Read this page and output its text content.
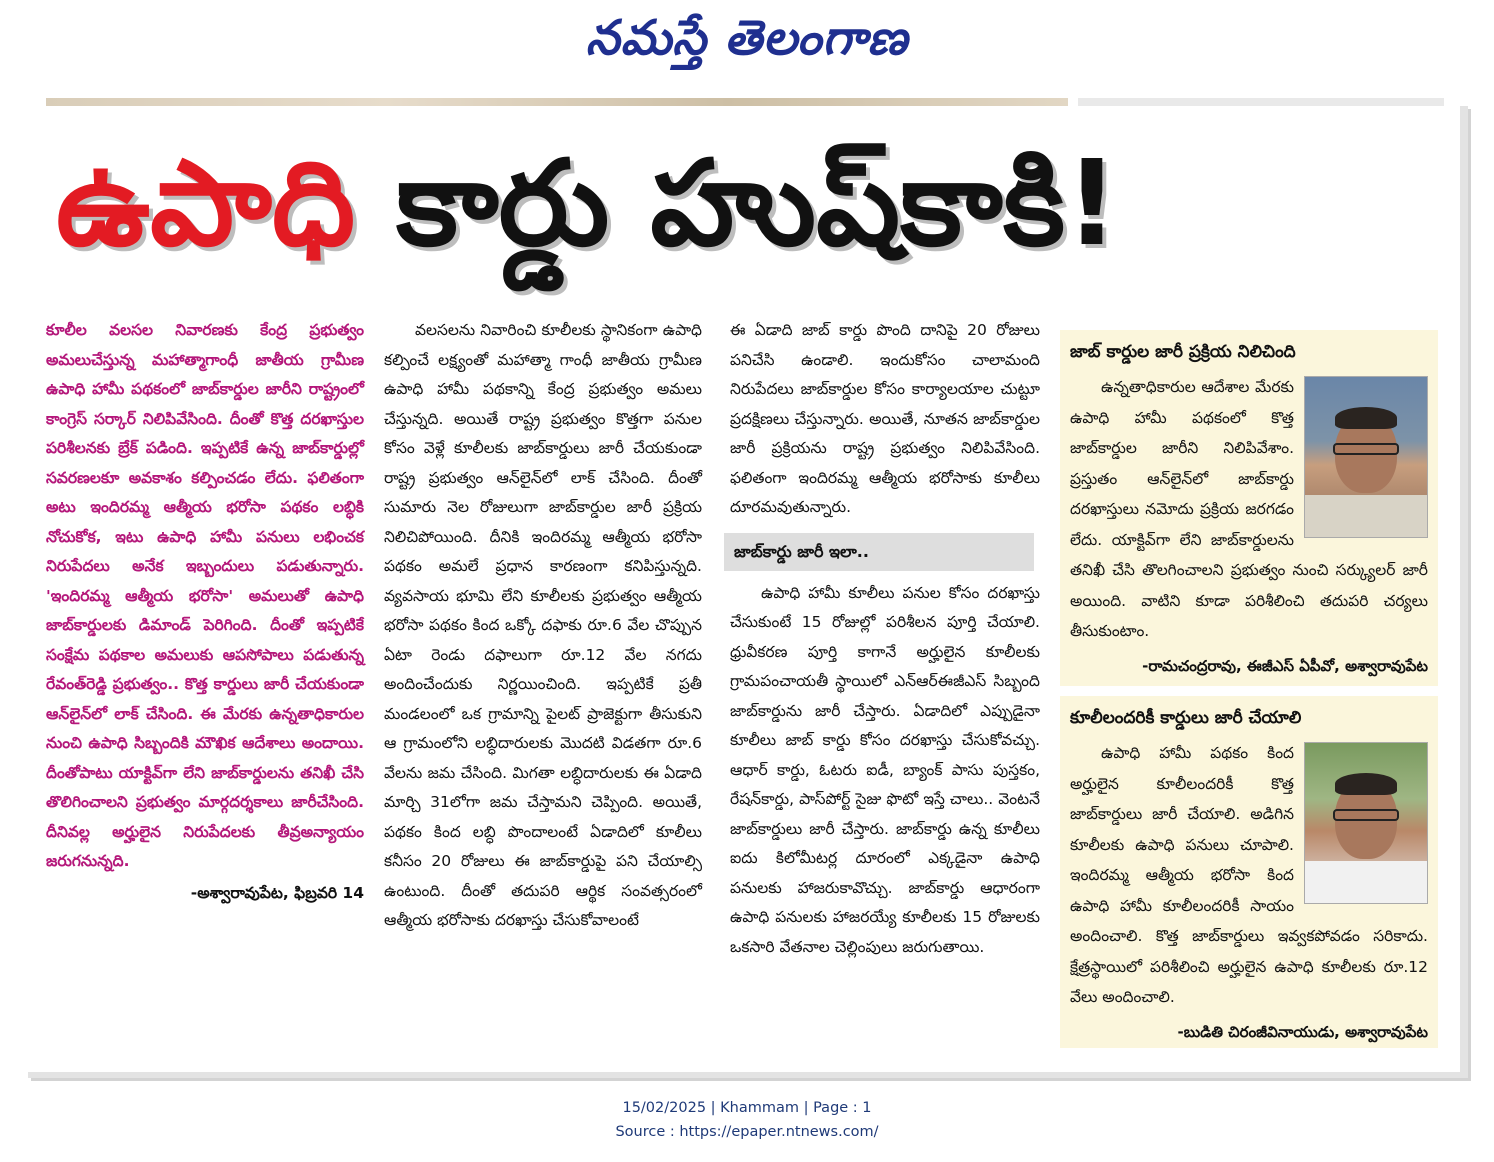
నమస్తే తెలంగాణ
ఉపాధి కార్డు హుష్‌కాకి!

కూలీల వలసల నివారణకు కేంద్ర ప్రభుత్వం అమలుచేస్తున్న మహాత్మాగాంధీ జాతీయ గ్రామీణ ఉపాధి హామీ పథకంలో జాబ్‌కార్డుల జారీని రాష్ట్రంలో కాంగ్రెస్ సర్కార్ నిలిపివేసింది. దీంతో కొత్త దరఖాస్తుల పరిశీలనకు బ్రేక్ పడింది. ఇప్పటికే ఉన్న జాబ్‌కార్డుల్లో సవరణలకూ అవకాశం కల్పించడం లేదు. ఫలితంగా అటు ఇందిరమ్మ ఆత్మీయ భరోసా పథకం లబ్ధికి నోచుకోక, ఇటు ఉపాధి హామీ పనులు లభించక నిరుపేదలు అనేక ఇబ్బందులు పడుతున్నారు. 'ఇందిరమ్మ ఆత్మీయ భరోసా' అమలుతో ఉపాధి జాబ్‌కార్డులకు డిమాండ్ పెరిగింది. దీంతో ఇప్పటికే సంక్షేమ పథకాల అమలుకు ఆపసోపాలు పడుతున్న రేవంత్‌రెడ్డి ప్రభుత్వం.. కొత్త కార్డులు జారీ చేయకుండా ఆన్‌లైన్‌లో లాక్ చేసింది. ఈ మేరకు ఉన్నతాధికారుల నుంచి ఉపాధి సిబ్బందికి మౌఖిక ఆదేశాలు అందాయి. దీంతోపాటు యాక్టివ్‌గా లేని జాబ్‌కార్డులను తనిఖీ చేసి తొలిగించాలని ప్రభుత్వం మార్గదర్శకాలు జారీచేసింది. దీనివల్ల అర్హులైన నిరుపేదలకు తీవ్రఅన్యాయం జరుగనున్నది.

-అశ్వారావుపేట, ఫిబ్రవరి 14

వలసలను నివారించి కూలీలకు స్థానికంగా ఉపాధి కల్పించే లక్ష్యంతో మహాత్మా గాంధీ జాతీయ గ్రామీణ ఉపాధి హామీ పథకాన్ని కేంద్ర ప్రభుత్వం అమలు చేస్తున్నది. అయితే రాష్ట్ర ప్రభుత్వం కొత్తగా పనుల కోసం వెళ్లే కూలీలకు జాబ్‌కార్డులు జారీ చేయకుండా రాష్ట్ర ప్రభుత్వం ఆన్‌లైన్‌లో లాక్ చేసింది. దీంతో సుమారు నెల రోజులుగా జాబ్‌కార్డుల జారీ ప్రక్రియ నిలిచిపోయింది. దీనికి ఇందిరమ్మ ఆత్మీయ భరోసా పథకం అమలే ప్రధాన కారణంగా కనిపిస్తున్నది. వ్యవసాయ భూమి లేని కూలీలకు ప్రభుత్వం ఆత్మీయ భరోసా పథకం కింద ఒక్కో దఫాకు రూ.6 వేల చొప్పున ఏటా రెండు దఫాలుగా రూ.12 వేల నగదు అందించేందుకు నిర్ణయించింది. ఇప్పటికే ప్రతీ మండలంలో ఒక గ్రామాన్ని పైలట్ ప్రాజెక్టుగా తీసుకుని ఆ గ్రామంలోని లబ్ధిదారులకు మొదటి విడతగా రూ.6 వేలను జమ చేసింది. మిగతా లబ్ధిదారులకు ఈ ఏడాది మార్చి 31లోగా జమ చేస్తామని చెప్పింది. అయితే, పథకం కింద లబ్ధి పొందాలంటే ఏడాదిలో కూలీలు కనీసం 20 రోజులు ఈ జాబ్‌కార్డుపై పని చేయాల్సి ఉంటుంది. దీంతో తదుపరి ఆర్థిక సంవత్సరంలో ఆత్మీయ భరోసాకు దరఖాస్తు చేసుకోవాలంటే

ఈ ఏడాది జాబ్ కార్డు పొంది దానిపై 20 రోజులు పనిచేసి ఉండాలి. ఇందుకోసం చాలామంది నిరుపేదలు జాబ్‌కార్డుల కోసం కార్యాలయాల చుట్టూ ప్రదక్షిణలు చేస్తున్నారు. అయితే, నూతన జాబ్‌కార్డుల జారీ ప్రక్రియను రాష్ట్ర ప్రభుత్వం నిలిపివేసింది. ఫలితంగా ఇందిరమ్మ ఆత్మీయ భరోసాకు కూలీలు దూరమవుతున్నారు.

జాబ్‌కార్డు జారీ ఇలా..

ఉపాధి హామీ కూలీలు పనుల కోసం దరఖాస్తు చేసుకుంటే 15 రోజుల్లో పరిశీలన పూర్తి చేయాలి. ధ్రువీకరణ పూర్తి కాగానే అర్హులైన కూలీలకు గ్రామపంచాయతీ స్థాయిలో ఎన్ఆర్ఈజీఎస్ సిబ్బంది జాబ్‌కార్డును జారీ చేస్తారు. ఏడాదిలో ఎప్పుడైనా కూలీలు జాబ్ కార్డు కోసం దరఖాస్తు చేసుకోవచ్చు. ఆధార్ కార్డు, ఓటరు ఐడీ, బ్యాంక్ పాసు పుస్తకం, రేషన్‌కార్డు, పాస్‌పోర్ట్ సైజు ఫొటో ఇస్తే చాలు.. వెంటనే జాబ్‌కార్డులు జారీ చేస్తారు. జాబ్‌కార్డు ఉన్న కూలీలు ఐదు కిలోమీటర్ల దూరంలో ఎక్కడైనా ఉపాధి పనులకు హాజరుకావొచ్చు. జాబ్‌కార్డు ఆధారంగా ఉపాధి పనులకు హాజరయ్యే కూలీలకు 15 రోజులకు ఒకసారి వేతనాల చెల్లింపులు జరుగుతాయి.

జాబ్ కార్డుల జారీ ప్రక్రియ నిలిచింది
ఉన్నతాధికారుల ఆదేశాల మేరకు ఉపాధి హామీ పథకంలో కొత్త జాబ్‌కార్డుల జారీని నిలిపివేశాం. ప్రస్తుతం ఆన్‌లైన్‌లో జాబ్‌కార్డు దరఖాస్తులు నమోదు ప్రక్రియ జరగడం లేదు. యాక్టివ్‌గా లేని జాబ్‌కార్డులను తనిఖీ చేసి తొలగించాలని ప్రభుత్వం నుంచి సర్క్యులర్ జారీ అయింది. వాటిని కూడా పరిశీలించి తదుపరి చర్యలు తీసుకుంటాం.
-రామచంద్రరావు, ఈజీఎస్ ఏపీవో, అశ్వారావుపేట
కూలీలందరికీ కార్డులు జారీ చేయాలి
ఉపాధి హామీ పథకం కింద అర్హులైన కూలీలందరికీ కొత్త జాబ్‌కార్డులు జారీ చేయాలి. అడిగిన కూలీలకు ఉపాధి పనులు చూపాలి. ఇందిరమ్మ ఆత్మీయ భరోసా కింద ఉపాధి హామీ కూలీలందరికీ సాయం అందించాలి. కొత్త జాబ్‌కార్డులు ఇవ్వకపోవడం సరికాదు. క్షేత్రస్థాయిలో పరిశీలించి అర్హులైన ఉపాధి కూలీలకు రూ.12 వేలు అందించాలి.
-బుడితి చిరంజీవినాయుడు, అశ్వారావుపేట
15/02/2025 | Khammam | Page : 1
Source : https://epaper.ntnews.com/
